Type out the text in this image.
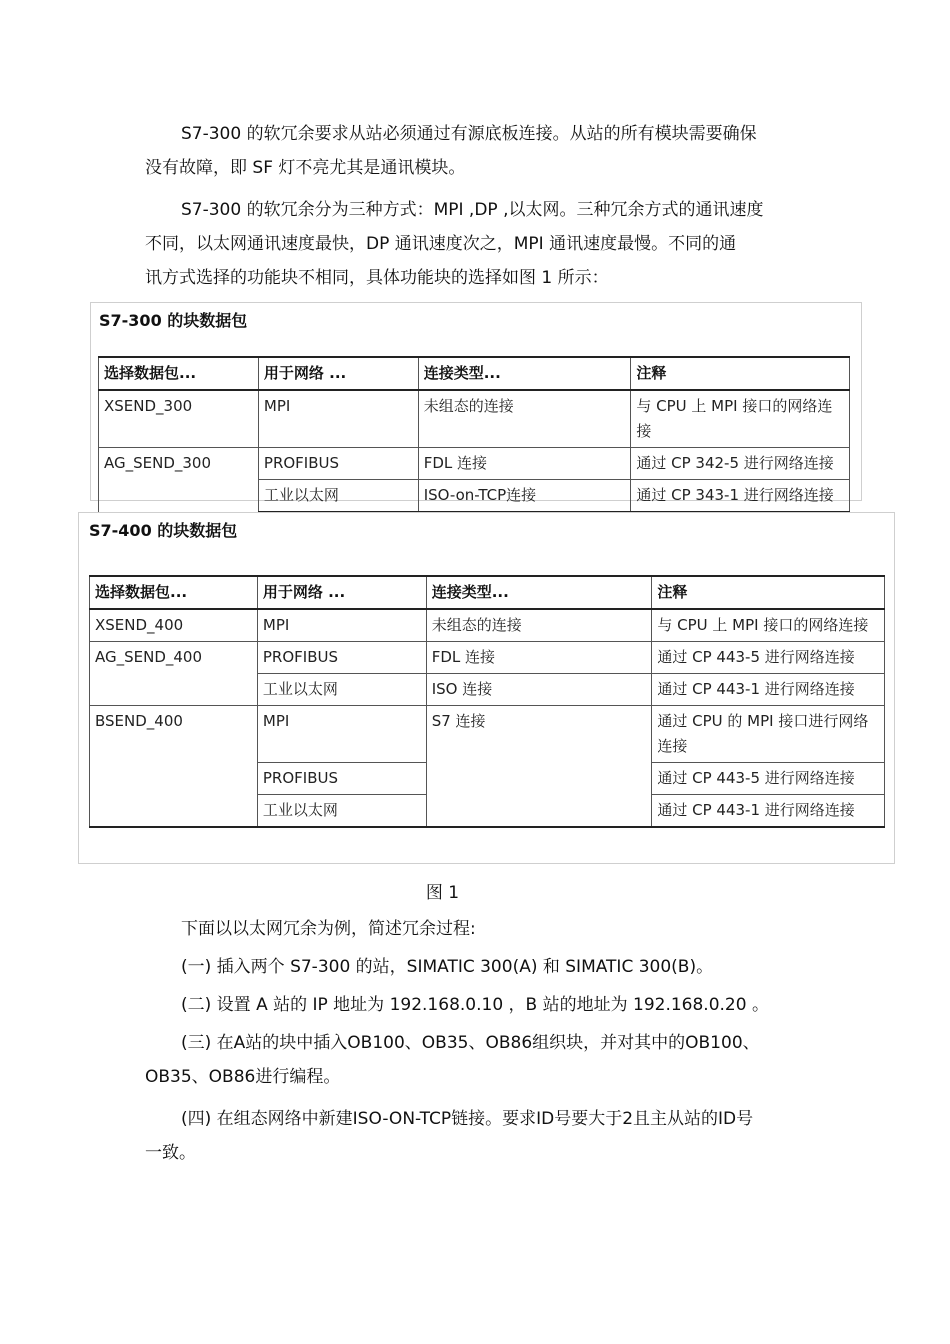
S7-300 的软冗余要求从站必须通过有源底板连接。从站的所有模块需要确保
没有故障，即 SF 灯不亮尤其是通讯模块。
S7-300 的软冗余分为三种方式：MPI ,DP ,以太网。三种冗余方式的通讯速度
不同，以太网通讯速度最快，DP 通讯速度次之，MPI 通讯速度最慢。不同的通
讯方式选择的功能块不相同，具体功能块的选择如图 1 所示：
S7-300 的块数据包
选择数据包...	用于网络 ...	连接类型...	注释
XSEND_300	MPI	未组态的连接	与 CPU 上 MPI 接口的网络连接
AG_SEND_300	PROFIBUS	FDL 连接	通过 CP 342-5 进行网络连接
	工业以太网	ISO-on-TCP连接	通过 CP 343-1 进行网络连接
S7-400 的块数据包
选择数据包...	用于网络 ...	连接类型...	注释
XSEND_400	MPI	未组态的连接	与 CPU 上 MPI 接口的网络连接
AG_SEND_400	PROFIBUS	FDL 连接	通过 CP 443-5 进行网络连接
	工业以太网	ISO 连接	通过 CP 443-1 进行网络连接
BSEND_400	MPI	S7 连接	通过 CPU 的 MPI 接口进行网络连接
	PROFIBUS		通过 CP 443-5 进行网络连接
	工业以太网		通过 CP 443-1 进行网络连接
图 1
下面以以太网冗余为例，简述冗余过程:
(一) 插入两个 S7-300 的站，SIMATIC 300(A) 和 SIMATIC 300(B)。
(二) 设置 A 站的 IP 地址为 192.168.0.10 ，B 站的地址为 192.168.0.20 。
(三) 在A站的块中插入OB100、OB35、OB86组织块，并对其中的OB100、
OB35、OB86进行编程。
(四) 在组态网络中新建ISO-ON-TCP链接。要求ID号要大于2且主从站的ID号
一致。
